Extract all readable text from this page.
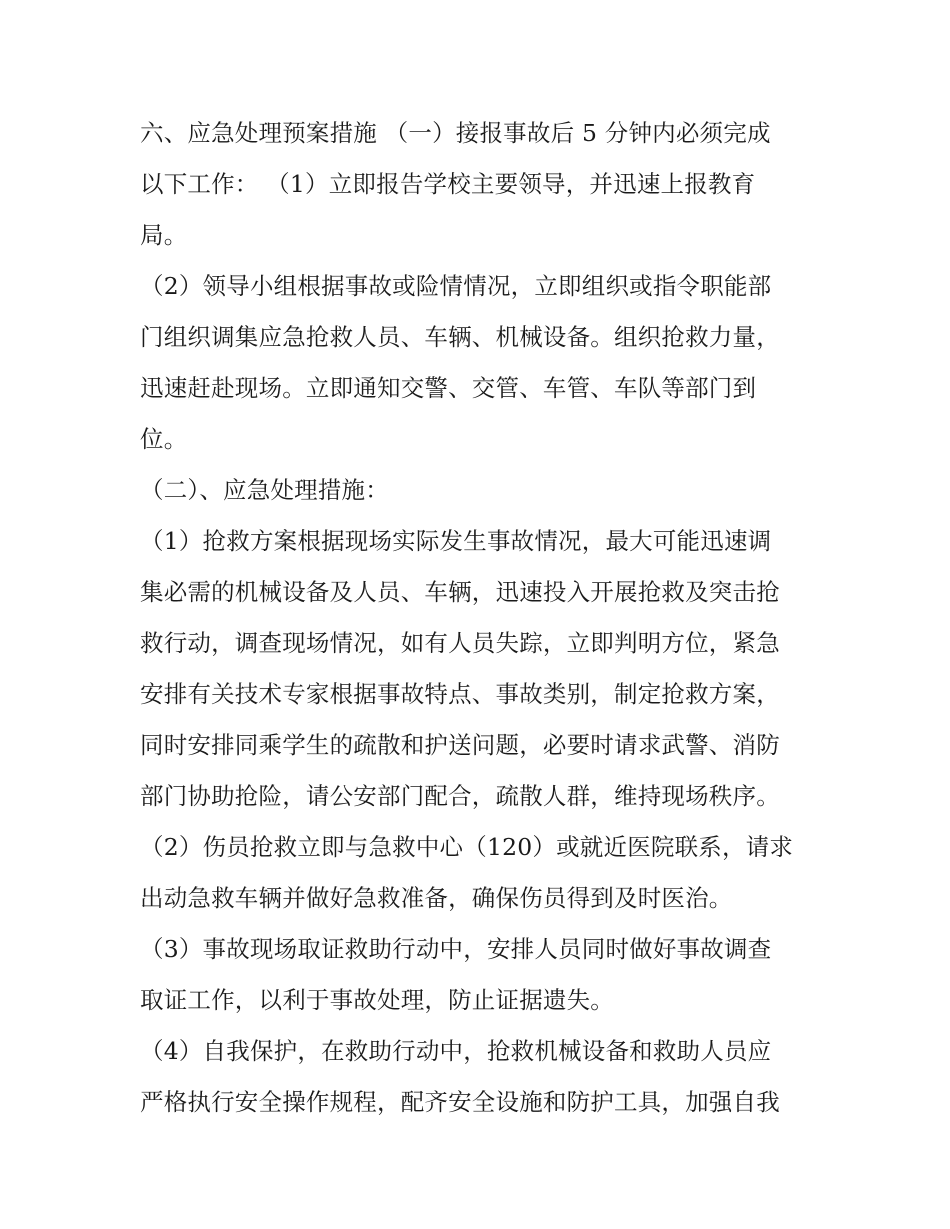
六、应急处理预案措施 （一）接报事故后 5 分钟内必须完成
以下工作： （1）立即报告学校主要领导，并迅速上报教育
局。
（2）领导小组根据事故或险情情况，立即组织或指令职能部
门组织调集应急抢救人员、车辆、机械设备。组织抢救力量，
迅速赶赴现场。立即通知交警、交管、车管、车队等部门到
位。
（二）、应急处理措施：
（1）抢救方案根据现场实际发生事故情况，最大可能迅速调
集必需的机械设备及人员、车辆，迅速投入开展抢救及突击抢
救行动，调查现场情况，如有人员失踪，立即判明方位，紧急
安排有关技术专家根据事故特点、事故类别，制定抢救方案，
同时安排同乘学生的疏散和护送问题，必要时请求武警、消防
部门协助抢险，请公安部门配合，疏散人群，维持现场秩序。
（2）伤员抢救立即与急救中心（120）或就近医院联系，请求
出动急救车辆并做好急救准备，确保伤员得到及时医治。
（3）事故现场取证救助行动中，安排人员同时做好事故调查
取证工作，以利于事故处理，防止证据遗失。
（4）自我保护，在救助行动中，抢救机械设备和救助人员应
严格执行安全操作规程，配齐安全设施和防护工具，加强自我
